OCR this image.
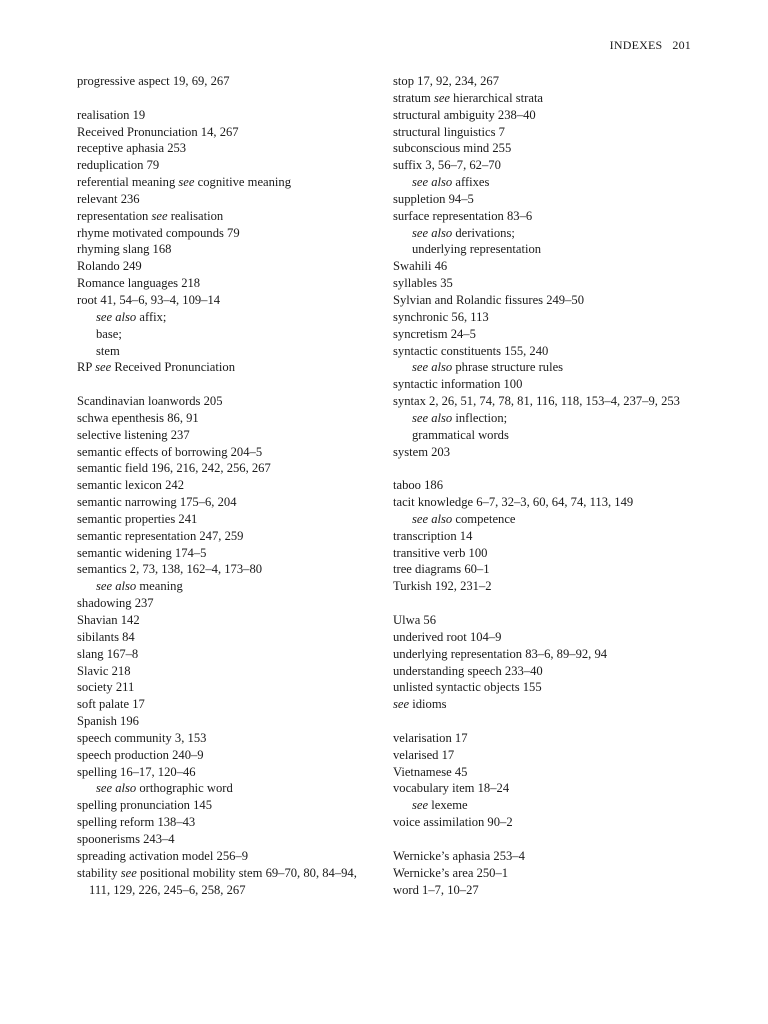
INDEXES 201
progressive aspect 19, 69, 267
realisation 19
Received Pronunciation 14, 267
receptive aphasia 253
reduplication 79
referential meaning see cognitive meaning
relevant 236
representation see realisation
rhyme motivated compounds 79
rhyming slang 168
Rolando 249
Romance languages 218
root 41, 54–6, 93–4, 109–14
see also affix;
base;
stem
RP see Received Pronunciation
Scandinavian loanwords 205
schwa epenthesis 86, 91
selective listening 237
semantic effects of borrowing 204–5
semantic field 196, 216, 242, 256, 267
semantic lexicon 242
semantic narrowing 175–6, 204
semantic properties 241
semantic representation 247, 259
semantic widening 174–5
semantics 2, 73, 138, 162–4, 173–80
see also meaning
shadowing 237
Shavian 142
sibilants 84
slang 167–8
Slavic 218
society 211
soft palate 17
Spanish 196
speech community 3, 153
speech production 240–9
spelling 16–17, 120–46
see also orthographic word
spelling pronunciation 145
spelling reform 138–43
spoonerisms 243–4
spreading activation model 256–9
stability see positional mobility stem 69–70, 80, 84–94, 111, 129, 226, 245–6, 258, 267
stop 17, 92, 234, 267
stratum see hierarchical strata
structural ambiguity 238–40
structural linguistics 7
subconscious mind 255
suffix 3, 56–7, 62–70
see also affixes
suppletion 94–5
surface representation 83–6
see also derivations;
underlying representation
Swahili 46
syllables 35
Sylvian and Rolandic fissures 249–50
synchronic 56, 113
syncretism 24–5
syntactic constituents 155, 240
see also phrase structure rules
syntactic information 100
syntax 2, 26, 51, 74, 78, 81, 116, 118, 153–4, 237–9, 253
see also inflection;
grammatical words
system 203
taboo 186
tacit knowledge 6–7, 32–3, 60, 64, 74, 113, 149
see also competence
transcription 14
transitive verb 100
tree diagrams 60–1
Turkish 192, 231–2
Ulwa 56
underived root 104–9
underlying representation 83–6, 89–92, 94
understanding speech 233–40
unlisted syntactic objects 155
see idioms
velarisation 17
velarised 17
Vietnamese 45
vocabulary item 18–24
see lexeme
voice assimilation 90–2
Wernicke’s aphasia 253–4
Wernicke’s area 250–1
word 1–7, 10–27
